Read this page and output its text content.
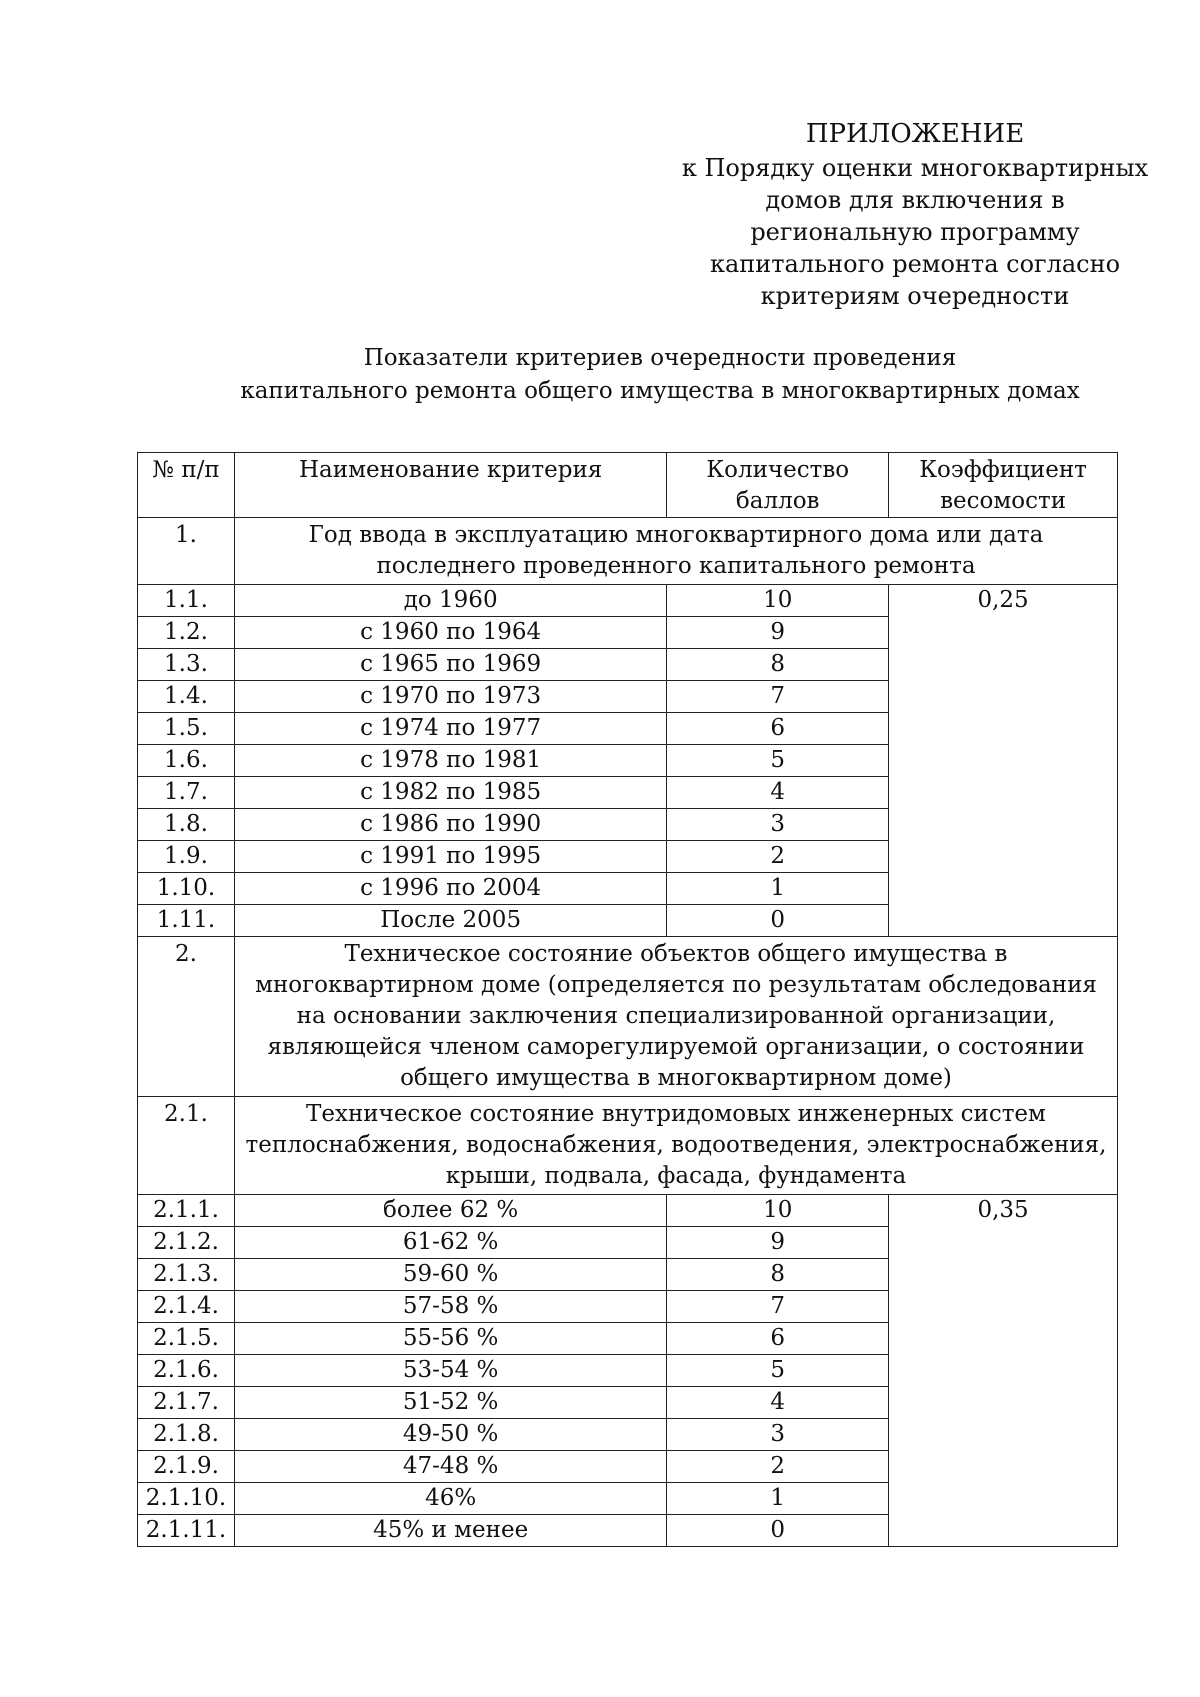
ПРИЛОЖЕНИЕ
к Порядку оценки многоквартирных
домов для включения в
региональную программу
капитального ремонта согласно
критериям очередности
Показатели критериев очередности проведения
капитального ремонта общего имущества в многоквартирных домах
№ п/п	Наименование критерия	Количество баллов	Коэффициент весомости
1.	Год ввода в эксплуатацию многоквартирного дома или дата последнего проведенного капитального ремонта		
1.1.	до 1960	10	0,25
1.2.	с 1960 по 1964	9	
1.3.	с 1965 по 1969	8	
1.4.	с 1970 по 1973	7	
1.5.	с 1974 по 1977	6	
1.6.	с 1978 по 1981	5	
1.7.	с 1982 по 1985	4	
1.8.	с 1986 по 1990	3	
1.9.	с 1991 по 1995	2	
1.10.	с 1996 по 2004	1	
1.11.	После 2005	0	
2.	Техническое состояние объектов общего имущества в многоквартирном доме (определяется по результатам обследования на основании заключения специализированной организации, являющейся членом саморегулируемой организации, о состоянии общего имущества в многоквартирном доме)		
2.1.	Техническое состояние внутридомовых инженерных систем теплоснабжения, водоснабжения, водоотведения, электроснабжения, крыши, подвала, фасада, фундамента		
2.1.1.	более 62 %	10	0,35
2.1.2.	61-62 %	9	
2.1.3.	59-60 %	8	
2.1.4.	57-58 %	7	
2.1.5.	55-56 %	6	
2.1.6.	53-54 %	5	
2.1.7.	51-52 %	4	
2.1.8.	49-50 %	3	
2.1.9.	47-48 %	2	
2.1.10.	46%	1	
2.1.11.	45% и менее	0	
